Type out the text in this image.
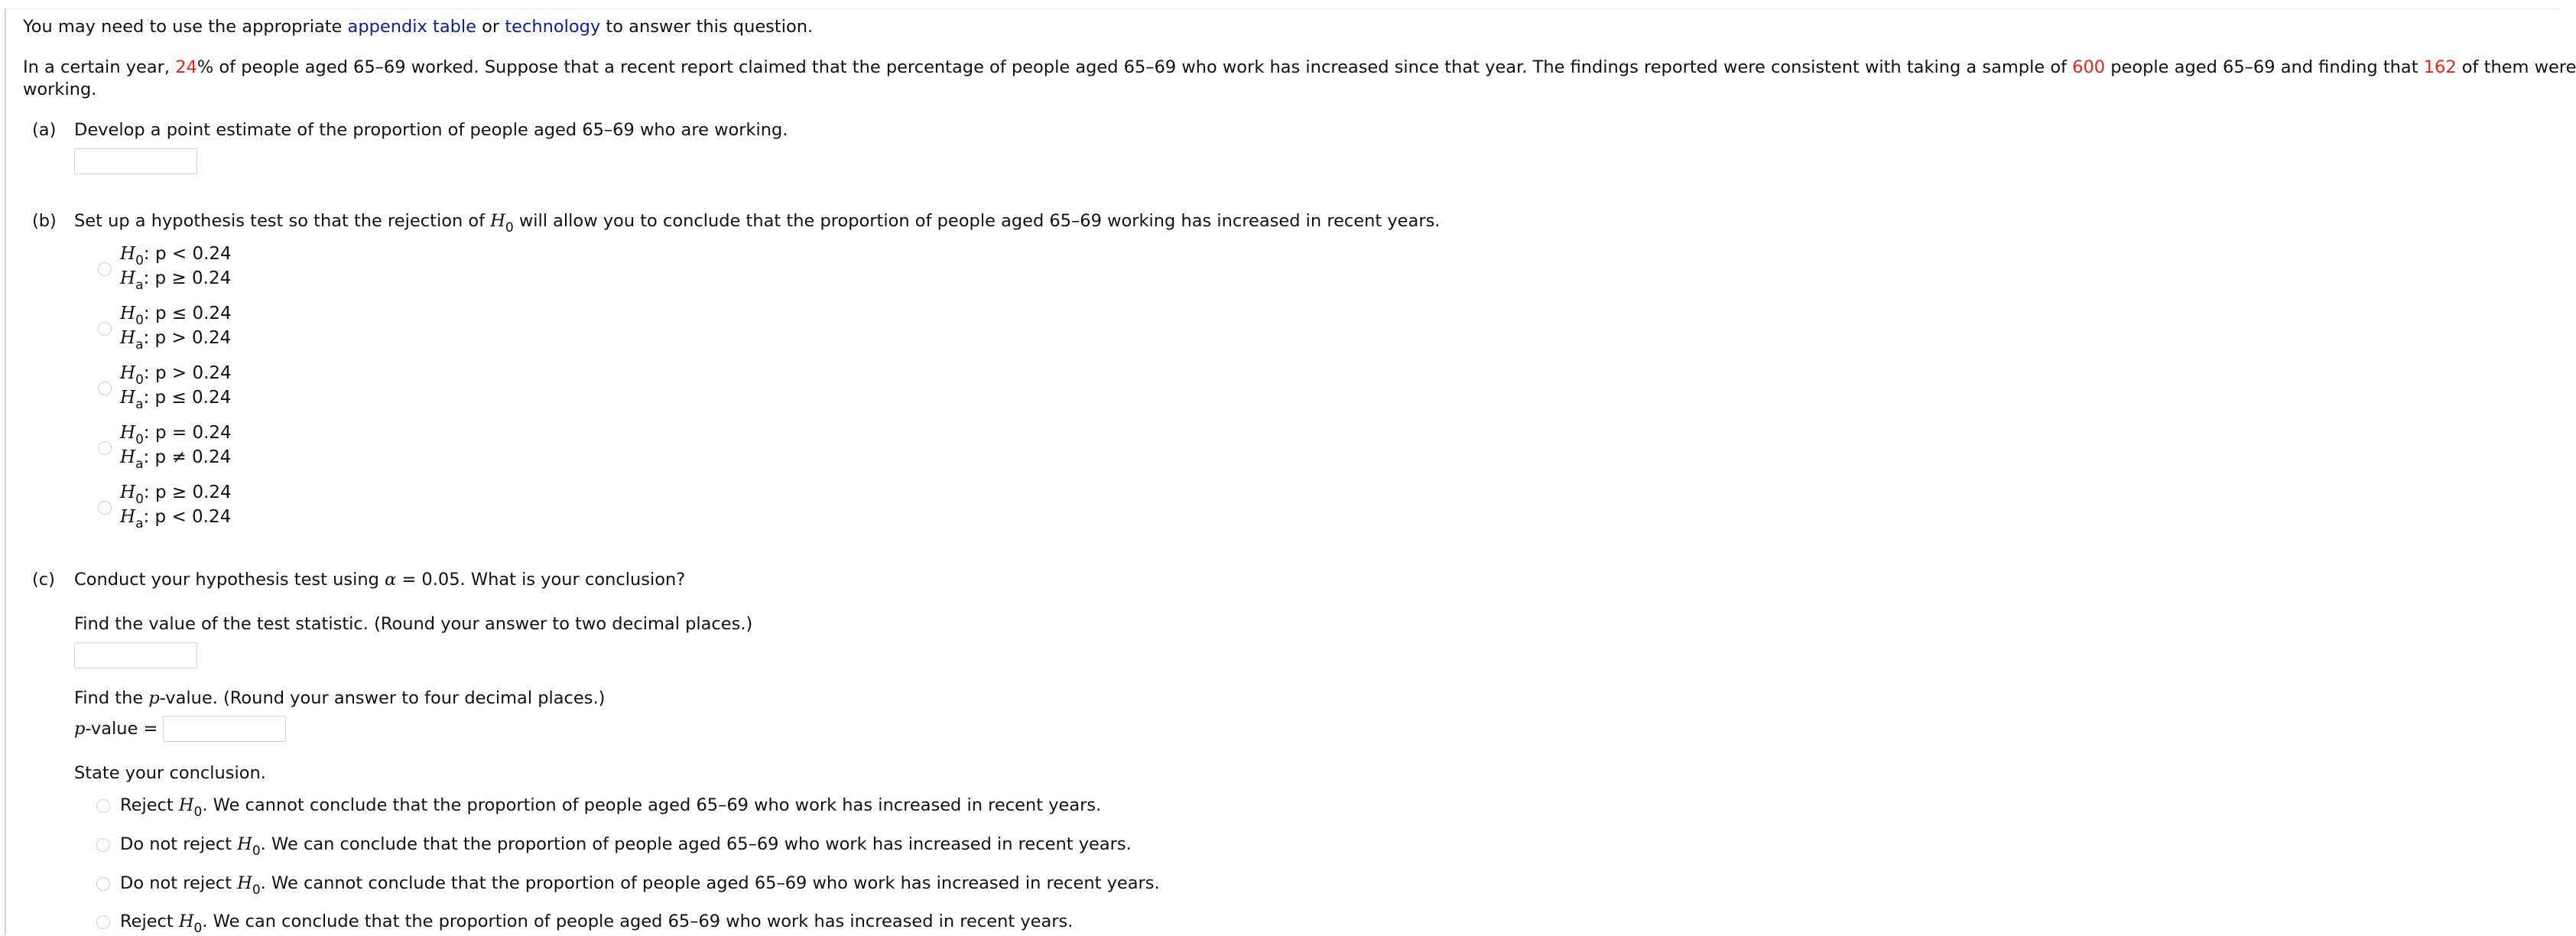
You may need to use the appropriate appendix table or technology to answer this question.
In a certain year, 24% of people aged 65–69 worked. Suppose that a recent report claimed that the percentage of people aged 65–69 who work has increased since that year. The findings reported were consistent with taking a sample of 600 people aged 65–69 and finding that 162 of them were
working.
(a) Develop a point estimate of the proportion of people aged 65–69 who are working.
(b) Set up a hypothesis test so that the rejection of $H_0$ will allow you to conclude that the proportion of people aged 65–69 working has increased in recent years.
$H_0$: p < 0.24
$H_a$: p ≥ 0.24
$H_0$: p ≤ 0.24
$H_a$: p > 0.24
$H_0$: p > 0.24
$H_a$: p ≤ 0.24
$H_0$: p = 0.24
$H_a$: p ≠ 0.24
$H_0$: p ≥ 0.24
$H_a$: p < 0.24
(c) Conduct your hypothesis test using α = 0.05. What is your conclusion?
Find the value of the test statistic. (Round your answer to two decimal places.)
Find the p-value. (Round your answer to four decimal places.)
p-value =
State your conclusion.
Reject $H_0$. We cannot conclude that the proportion of people aged 65–69 who work has increased in recent years.
Do not reject $H_0$. We can conclude that the proportion of people aged 65–69 who work has increased in recent years.
Do not reject $H_0$. We cannot conclude that the proportion of people aged 65–69 who work has increased in recent years.
Reject $H_0$. We can conclude that the proportion of people aged 65–69 who work has increased in recent years.
